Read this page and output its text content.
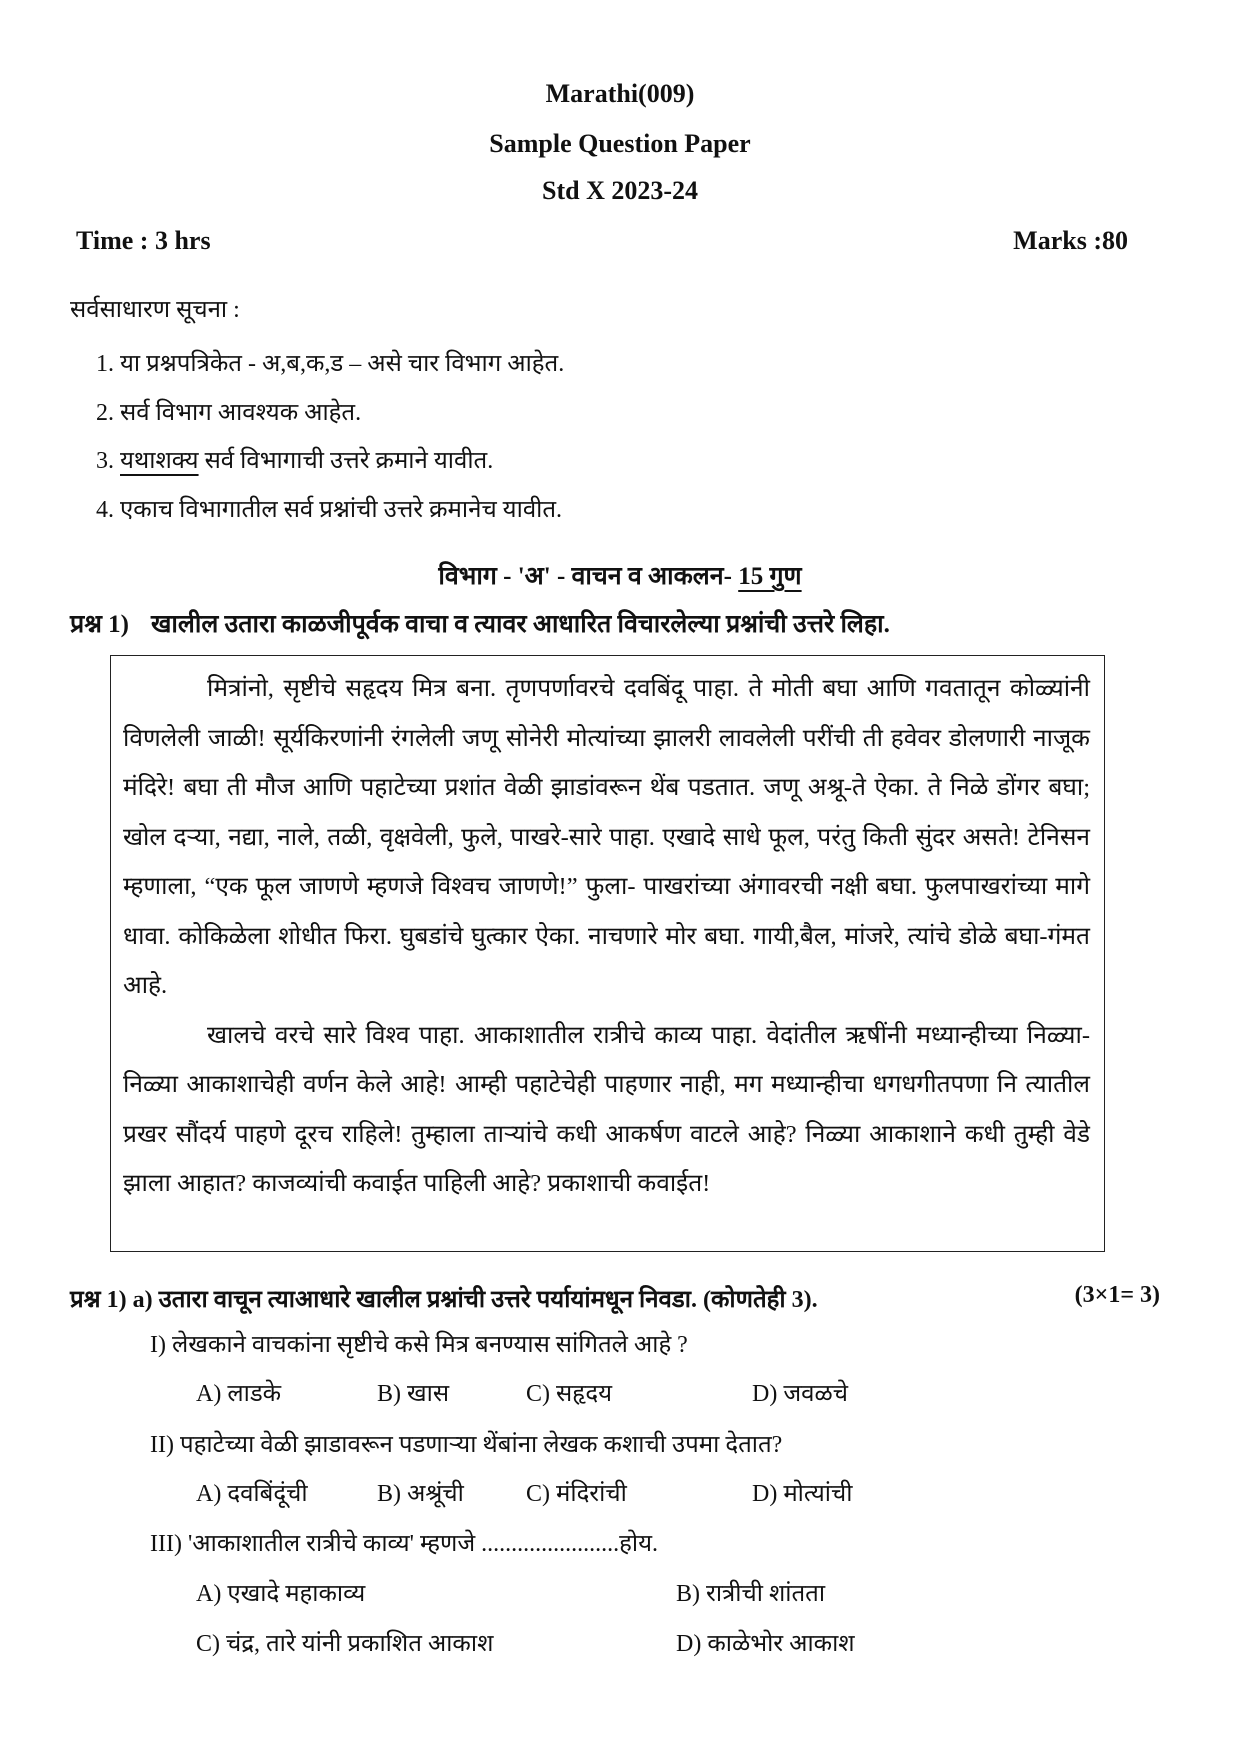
Marathi(009)
Sample Question Paper
Std X 2023-24
Time : 3 hrs	Marks :80
सर्वसाधारण सूचना :
1. या प्रश्नपत्रिकेत - अ,ब,क,ड – असे चार विभाग आहेत.
2. सर्व विभाग आवश्यक आहेत.
3. यथाशक्य सर्व विभागाची उत्तरे क्रमाने यावीत.
4. एकाच विभागातील सर्व प्रश्नांची उत्तरे क्रमानेच यावीत.
विभाग - 'अ' - वाचन व आकलन- 15 गुण
प्रश्न 1) खालील उतारा काळजीपूर्वक वाचा व त्यावर आधारित विचारलेल्या प्रश्नांची उत्तरे लिहा.

मित्रांनो, सृष्टीचे सहृदय मित्र बना. तृणपर्णावरचे दवबिंदू पाहा. ते मोती बघा आणि गवतातून कोळ्यांनी विणलेली जाळी! सूर्यकिरणांनी रंगलेली जणू सोनेरी मोत्यांच्या झालरी लावलेली परींची ती हवेवर डोलणारी नाजूक मंदिरे! बघा ती मौज आणि पहाटेच्या प्रशांत वेळी झाडांवरून थेंब पडतात. जणू अश्रू-ते ऐका. ते निळे डोंगर बघा; खोल दऱ्या, नद्या, नाले, तळी, वृक्षवेली, फुले, पाखरे-सारे पाहा. एखादे साधे फूल, परंतु किती सुंदर असते! टेनिसन म्हणाला, “एक फूल जाणणे म्हणजे विश्वच जाणणे!” फुला- पाखरांच्या अंगावरची नक्षी बघा. फुलपाखरांच्या मागे धावा. कोकिळेला शोधीत फिरा. घुबडांचे घुत्कार ऐका. नाचणारे मोर बघा. गायी,बैल, मांजरे, त्यांचे डोळे बघा-गंमत आहे.

खालचे वरचे सारे विश्व पाहा. आकाशातील रात्रीचे काव्य पाहा. वेदांतील ऋषींनी मध्यान्हीच्या निळ्या-निळ्या आकाशाचेही वर्णन केले आहे! आम्ही पहाटेचेही पाहणार नाही, मग मध्यान्हीचा धगधगीतपणा नि त्यातील प्रखर सौंदर्य पाहणे दूरच राहिले! तुम्हाला ताऱ्यांचे कधी आकर्षण वाटले आहे? निळ्या आकाशाने कधी तुम्ही वेडे झाला आहात? काजव्यांची कवाईत पाहिली आहे? प्रकाशाची कवाईत!

प्रश्न 1) a) उतारा वाचून त्याआधारे खालील प्रश्नांची उत्तरे पर्यायांमधून निवडा. (कोणतेही 3).	(3×1= 3)
I) लेखकाने वाचकांना सृष्टीचे कसे मित्र बनण्यास सांगितले आहे ?
A) लाडके	B) खास	C) सहृदय	D) जवळचे
II) पहाटेच्या वेळी झाडावरून पडणाऱ्या थेंबांना लेखक कशाची उपमा देतात?
A) दवबिंदूंची	B) अश्रूंची	C) मंदिरांची	D) मोत्यांची
III) 'आकाशातील रात्रीचे काव्य' म्हणजे .......................होय.
A) एखादे महाकाव्य	B) रात्रीची शांतता
C) चंद्र, तारे यांनी प्रकाशित आकाश	D) काळेभोर आकाश
